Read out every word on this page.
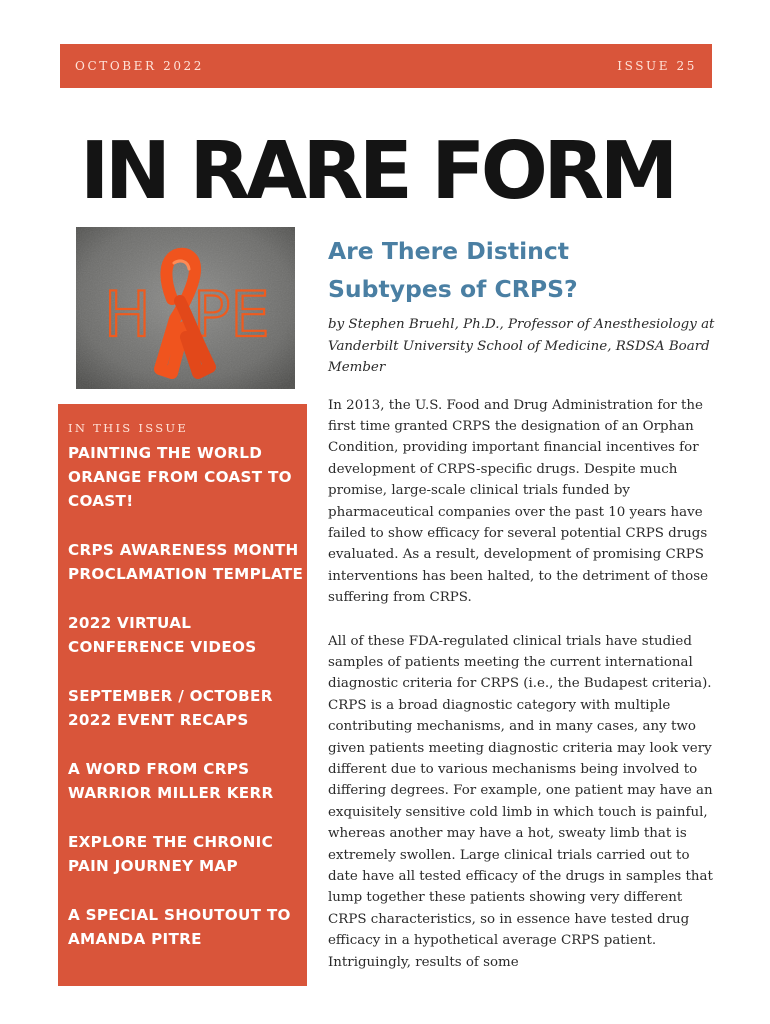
OCTOBER 2022	ISSUE 25
IN RARE FORM
H PE
IN THIS ISSUE
PAINTING THE WORLD
ORANGE FROM COAST TO
COAST!
CRPS AWARENESS MONTH
PROCLAMATION TEMPLATE
2022 VIRTUAL
CONFERENCE VIDEOS
SEPTEMBER / OCTOBER
2022 EVENT RECAPS
A WORD FROM CRPS
WARRIOR MILLER KERR
EXPLORE THE CHRONIC
PAIN JOURNEY MAP
A SPECIAL SHOUTOUT TO
AMANDA PITRE
Are There Distinct
Subtypes of CRPS?

by Stephen Bruehl, Ph.D., Professor of Anesthesiology at Vanderbilt University School of Medicine, RSDSA Board Member

In 2013, the U.S. Food and Drug Administration for the first time granted CRPS the designation of an Orphan Condition, providing important financial incentives for development of CRPS-specific drugs. Despite much promise, large-scale clinical trials funded by pharmaceutical companies over the past 10 years have failed to show efficacy for several potential CRPS drugs evaluated. As a result, development of promising CRPS interventions has been halted, to the detriment of those suffering from CRPS.

All of these FDA-regulated clinical trials have studied samples of patients meeting the current international diagnostic criteria for CRPS (i.e., the Budapest criteria). CRPS is a broad diagnostic category with multiple contributing mechanisms, and in many cases, any two given patients meeting diagnostic criteria may look very different due to various mechanisms being involved to differing degrees. For example, one patient may have an exquisitely sensitive cold limb in which touch is painful, whereas another may have a hot, sweaty limb that is extremely swollen. Large clinical trials carried out to date have all tested efficacy of the drugs in samples that lump together these patients showing very different CRPS characteristics, so in essence have tested drug efficacy in a hypothetical average CRPS patient. Intriguingly, results of some
